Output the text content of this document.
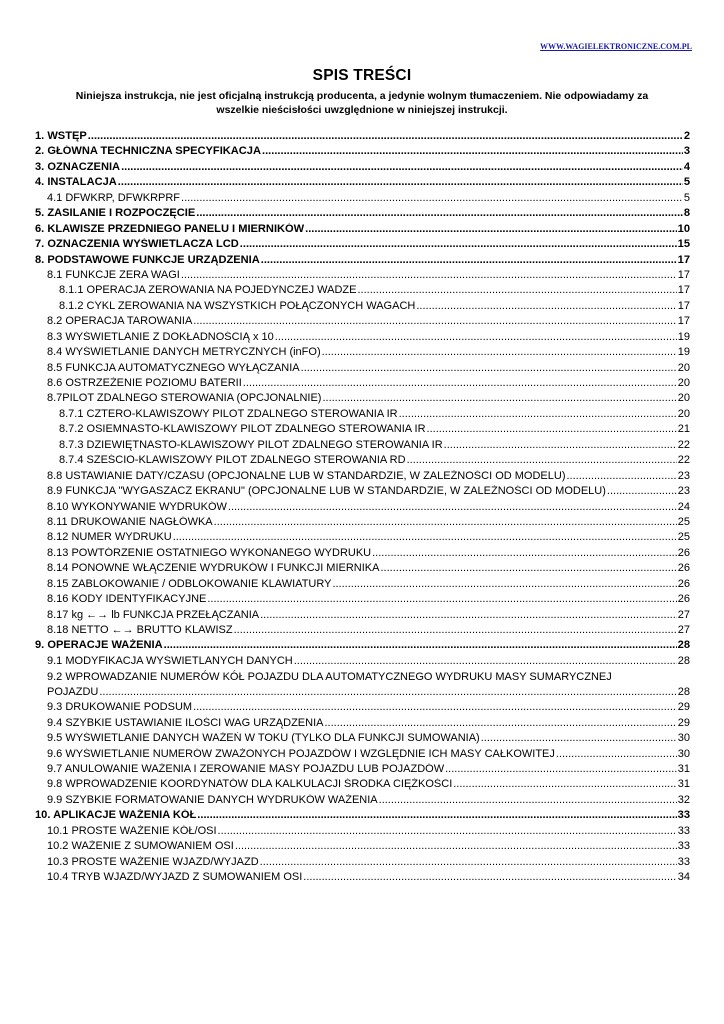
WWW.WAGIELEKTRONICZNE.COM.PL
SPIS TREŚCI
Niniejsza instrukcja, nie jest oficjalną instrukcją producenta, a jedynie wolnym tłumaczeniem. Nie odpowiadamy za wszelkie nieścisłości uwzględnione w niniejszej instrukcji.
1. WSTĘP .....	2
2. GŁÓWNA TECHNICZNA SPECYFIKACJA .....	3
3. OZNACZENIA .....	4
4. INSTALACJA .....	5
4.1 DFWKRP, DFWKRPRF .....	5
5. ZASILANIE I ROZPOCZĘCIE .....	8
6. KLAWISZE PRZEDNIEGO PANELU I MIERNIKÓW .....	10
7. OZNACZENIA WYŚWIETLACZA LCD .....	15
8. PODSTAWOWE FUNKCJE URZĄDZENIA .....	17
8.1 FUNKCJE ZERA WAGI .....	17
8.1.1 OPERACJA ZEROWANIA NA POJEDYNCZEJ WADZE .....	17
8.1.2 CYKL ZEROWANIA NA WSZYSTKICH POŁĄCZONYCH WAGACH .....	17
8.2 OPERACJA TAROWANIA .....	17
8.3 WYŚWIETLANIE Z DOKŁADNOŚCIĄ x 10 .....	19
8.4 WYŚWIETLANIE DANYCH METRYCZNYCH (inFO) .....	19
8.5 FUNKCJA AUTOMATYCZNEGO WYŁĄCZANIA .....	20
8.6 OSTRZEŻENIE POZIOMU BATERII .....	20
8.7PILOT ZDALNEGO STEROWANIA (OPCJONALNIE) .....	20
8.7.1 CZTERO-KLAWISZOWY PILOT ZDALNEGO STEROWANIA IR .....	20
8.7.2 OSIEMNASTO-KLAWISZOWY PILOT ZDALNEGO STEROWANIA IR .....	21
8.7.3 DZIEWIĘTNASTO-KLAWISZOWY PILOT ZDALNEGO STEROWANIA IR .....	22
8.7.4 SZEŚCIO-KLAWISZOWY PILOT ZDALNEGO STEROWANIA RD .....	22
8.8 USTAWIANIE DATY/CZASU (OPCJONALNE LUB W STANDARDZIE, W ZALEŻNOŚCI OD MODELU) .....	23
8.9 FUNKCJA "WYGASZACZ EKRANU" (OPCJONALNE LUB W STANDARDZIE, W ZALEŻNOŚCI OD MODELU) .....	23
8.10 WYKONYWANIE WYDRUKÓW .....	24
8.11 DRUKOWANIE NAGŁÓWKA .....	25
8.12 NUMER WYDRUKU .....	25
8.13 POWTÓRZENIE OSTATNIEGO WYKONANEGO WYDRUKU .....	26
8.14 PONOWNE WŁĄCZENIE WYDRUKÓW I FUNKCJI MIERNIKA .....	26
8.15 ZABLOKOWANIE / ODBLOKOWANIE KLAWIATURY .....	26
8.16 KODY IDENTYFIKACYJNE .....	26
8.17 kg ←→ lb FUNKCJA PRZEŁĄCZANIA .....	27
8.18 NETTO ←→ BRUTTO KLAWISZ .....	27
9. OPERACJE WAŻENIA .....	28
9.1 MODYFIKACJA WYŚWIETLANYCH DANYCH .....	28
9.2 WPROWADZANIE NUMERÓW KÓŁ POJAZDU DLA AUTOMATYCZNEGO WYDRUKU MASY SUMARYCZNEJ
POJAZDU .....	28
9.3 DRUKOWANIE PODSUM .....	29
9.4 SZYBKIE USTAWIANIE ILOŚCI WAG URZĄDZENIA .....	29
9.5 WYŚWIETLANIE DANYCH WAŻEŃ W TOKU (TYLKO DLA FUNKCJI SUMOWANIA) .....	30
9.6 WYŚWIETLANIE NUMERÓW ZWAŻONYCH POJAZDÓW I WZGLĘDNIE ICH MASY CAŁKOWITEJ .....	30
9.7 ANULOWANIE WAŻENIA I ZEROWANIE MASY POJAZDU LUB POJAZDÓW .....	31
9.8 WPROWADZENIE KOORDYNATÓW DLA KALKULACJI ŚRODKA CIĘŻKOŚCI .....	31
9.9 SZYBKIE FORMATOWANIE DANYCH WYDRUKÓW WAŻENIA .....	32
10. APLIKACJE WAŻENIA KÓŁ .....	33
10.1 PROSTE WAŻENIE KÓŁ/OSI .....	33
10.2 WAŻENIE Z SUMOWANIEM OSI .....	33
10.3 PROSTE WAŻENIE WJAZD/WYJAZD .....	33
10.4 TRYB WJAZD/WYJAZD Z SUMOWANIEM OSI .....	34
